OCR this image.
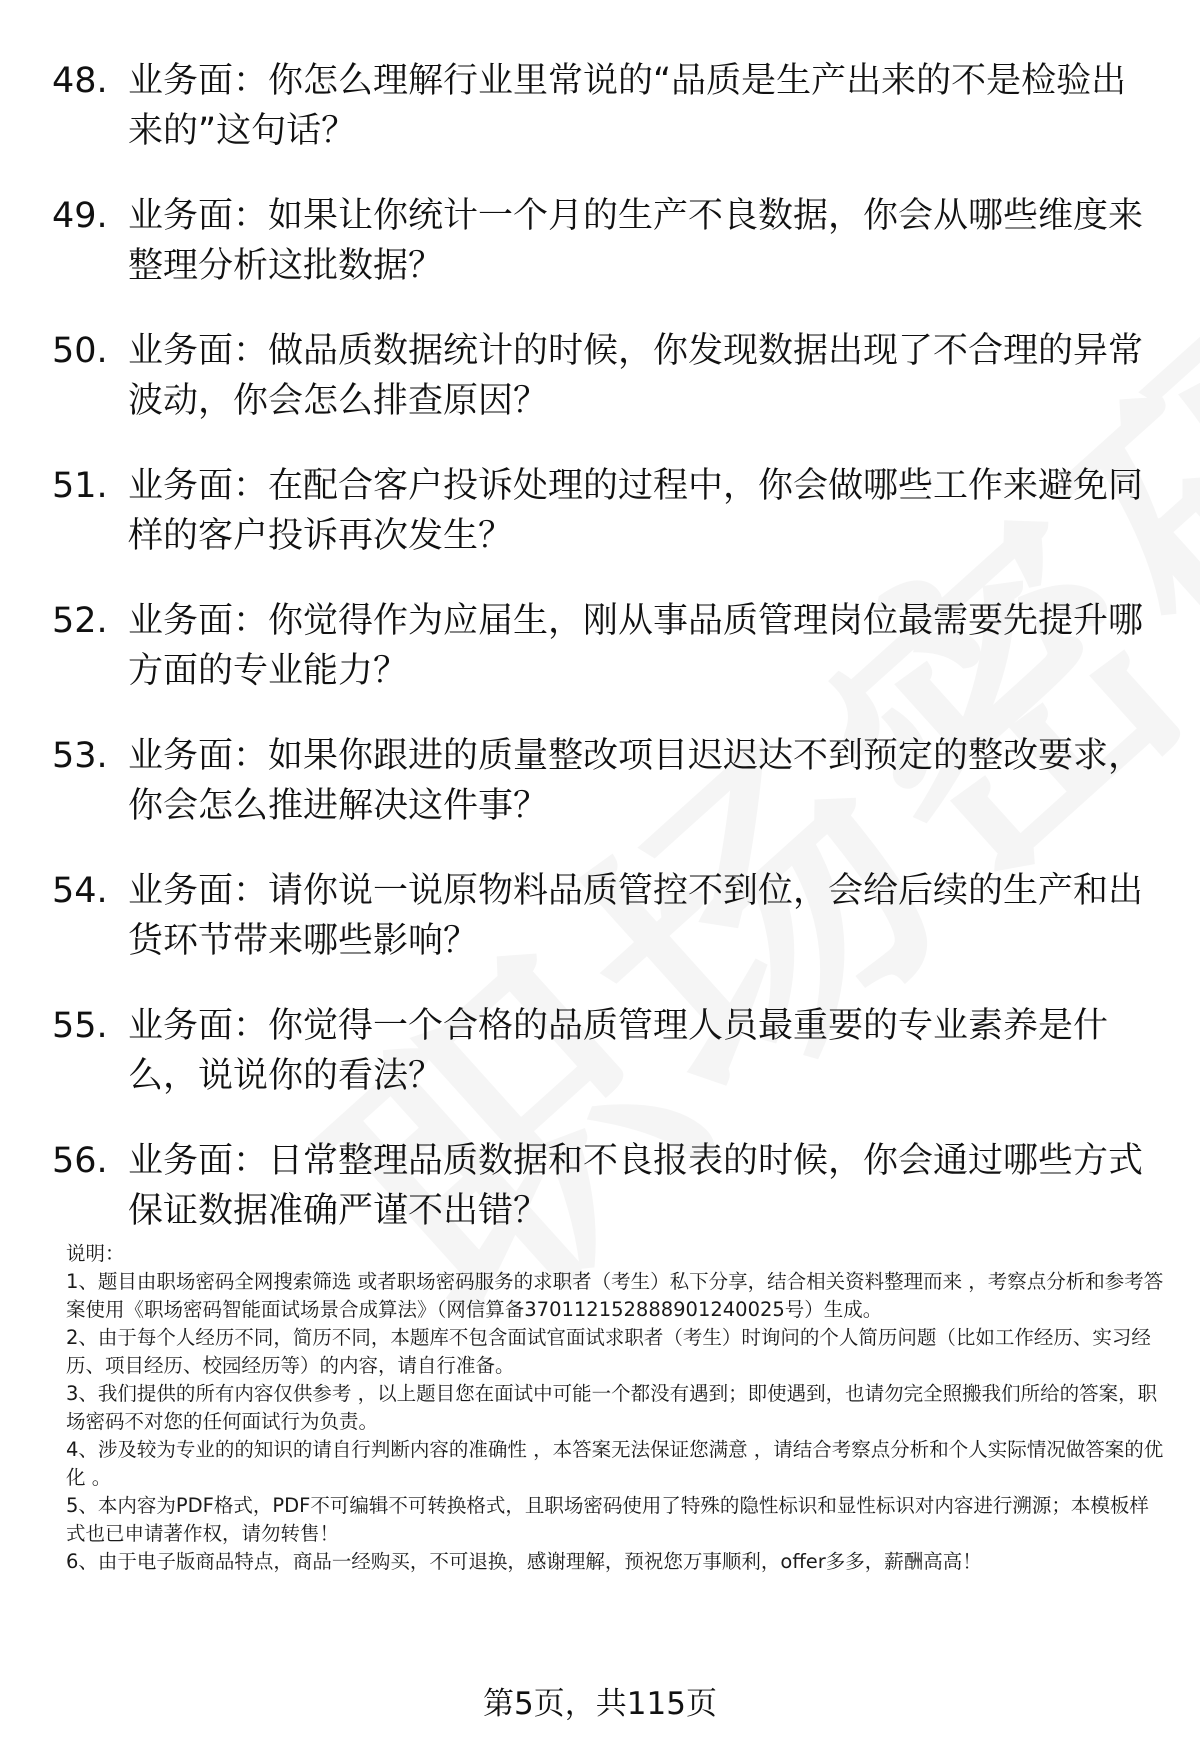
48. 业务面：你怎么理解行业里常说的“品质是生产出来的不是检验出来的”这句话？
49. 业务面：如果让你统计一个月的生产不良数据，你会从哪些维度来整理分析这批数据？
50. 业务面：做品质数据统计的时候，你发现数据出现了不合理的异常波动，你会怎么排查原因？
51. 业务面：在配合客户投诉处理的过程中，你会做哪些工作来避免同样的客户投诉再次发生？
52. 业务面：你觉得作为应届生，刚从事品质管理岗位最需要先提升哪方面的专业能力？
53. 业务面：如果你跟进的质量整改项目迟迟达不到预定的整改要求，你会怎么推进解决这件事？
54. 业务面：请你说一说原物料品质管控不到位，会给后续的生产和出货环节带来哪些影响？
55. 业务面：你觉得一个合格的品质管理人员最重要的专业素养是什么，说说你的看法？
56. 业务面：日常整理品质数据和不良报表的时候，你会通过哪些方式保证数据准确严谨不出错？
说明：
1、题目由职场密码全网搜索筛选 或者职场密码服务的求职者（考生）私下分享，结合相关资料整理而来 ，考察点分析和参考答案使用《职场密码智能面试场景合成算法》（网信算备370112152888901240025号）生成。
2、由于每个人经历不同，简历不同，本题库不包含面试官面试求职者（考生）时询问的个人简历问题（比如工作经历、实习经历、项目经历、校园经历等）的内容，请自行准备。
3、我们提供的所有内容仅供参考 ，以上题目您在面试中可能一个都没有遇到；即使遇到，也请勿完全照搬我们所给的答案，职场密码不对您的任何面试行为负责。
4、涉及较为专业的的知识的请自行判断内容的准确性 ，本答案无法保证您满意 ，请结合考察点分析和个人实际情况做答案的优化 。
5、本内容为PDF格式，PDF不可编辑不可转换格式，且职场密码使用了特殊的隐性标识和显性标识对内容进行溯源；本模板样式也已申请著作权，请勿转售！
6、由于电子版商品特点，商品一经购买，不可退换，感谢理解，预祝您万事顺利，offer多多，薪酬高高！
第5页，共115页
